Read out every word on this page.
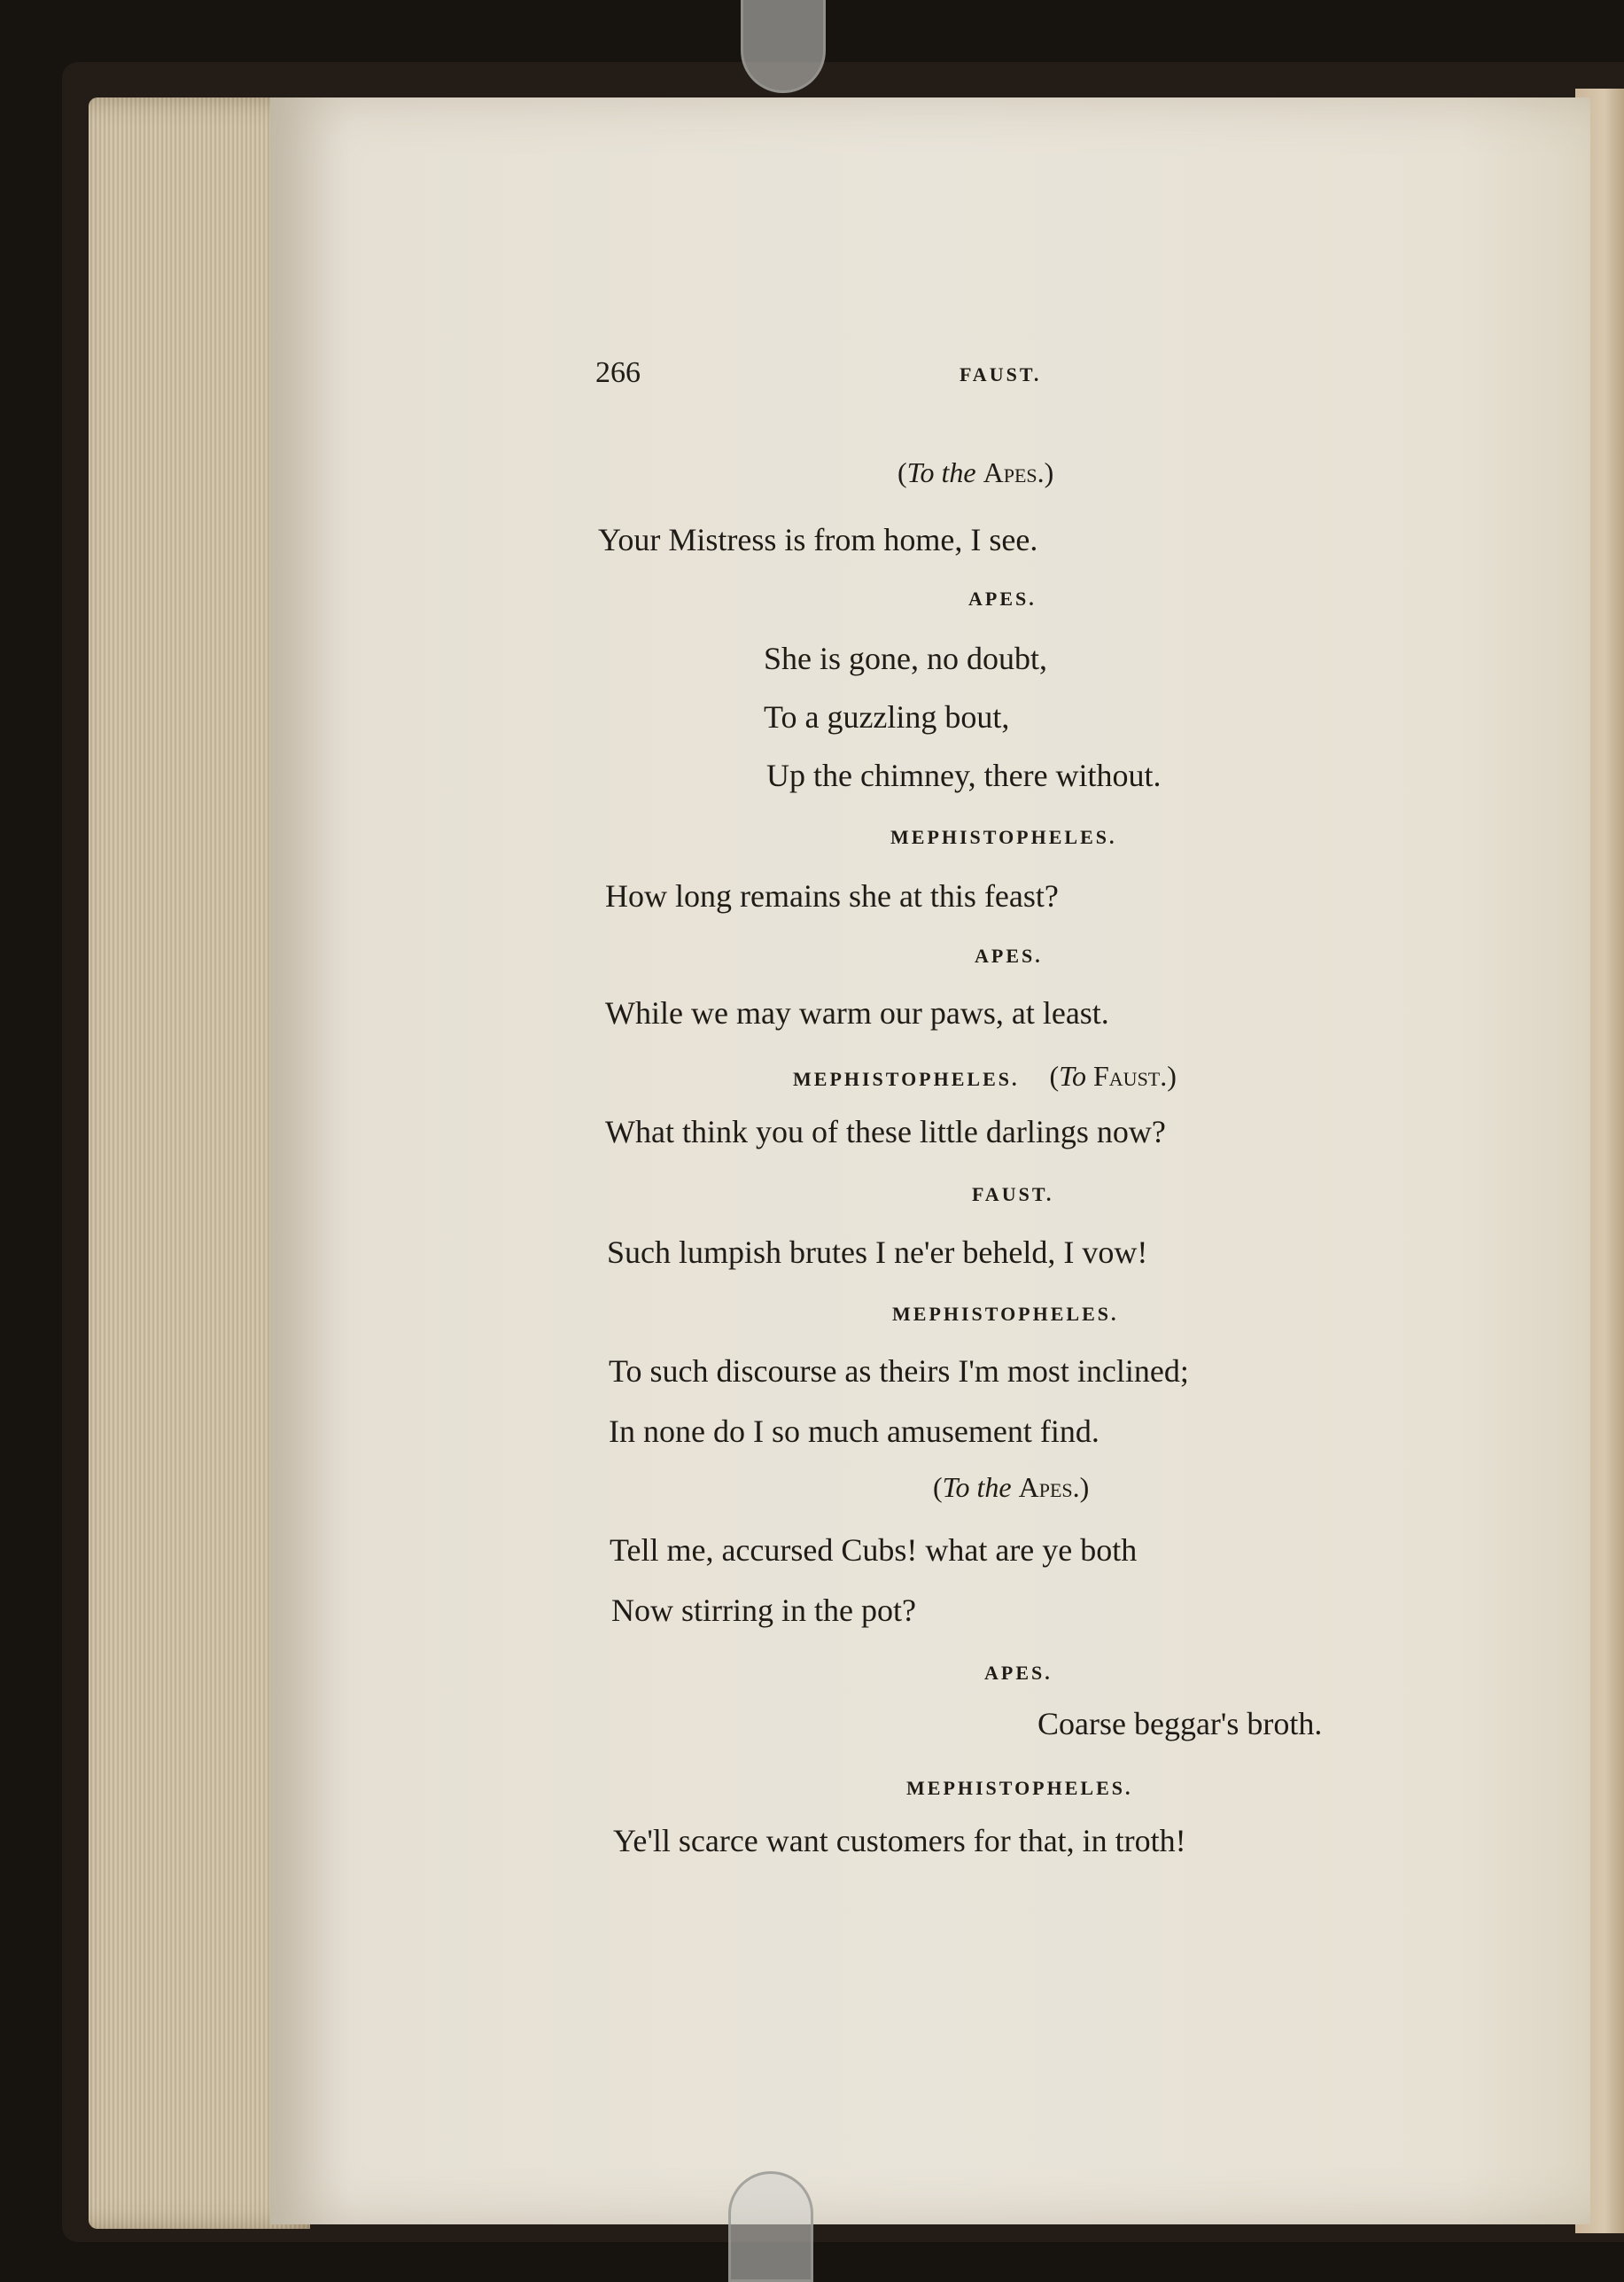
266	FAUST.
(To the Apes.)
Your Mistress is from home, I see.
APES.
She is gone, no doubt,
To a guzzling bout,
Up the chimney, there without.
MEPHISTOPHELES.
How long remains she at this feast?
APES.
While we may warm our paws, at least.
MEPHISTOPHELES. (To Faust.)
What think you of these little darlings now?
FAUST.
Such lumpish brutes I ne'er beheld, I vow!
MEPHISTOPHELES.
To such discourse as theirs I'm most inclined;
In none do I so much amusement find.
(To the Apes.)
Tell me, accursed Cubs! what are ye both
Now stirring in the pot?
APES.
Coarse beggar's broth.
MEPHISTOPHELES.
Ye'll scarce want customers for that, in troth!
